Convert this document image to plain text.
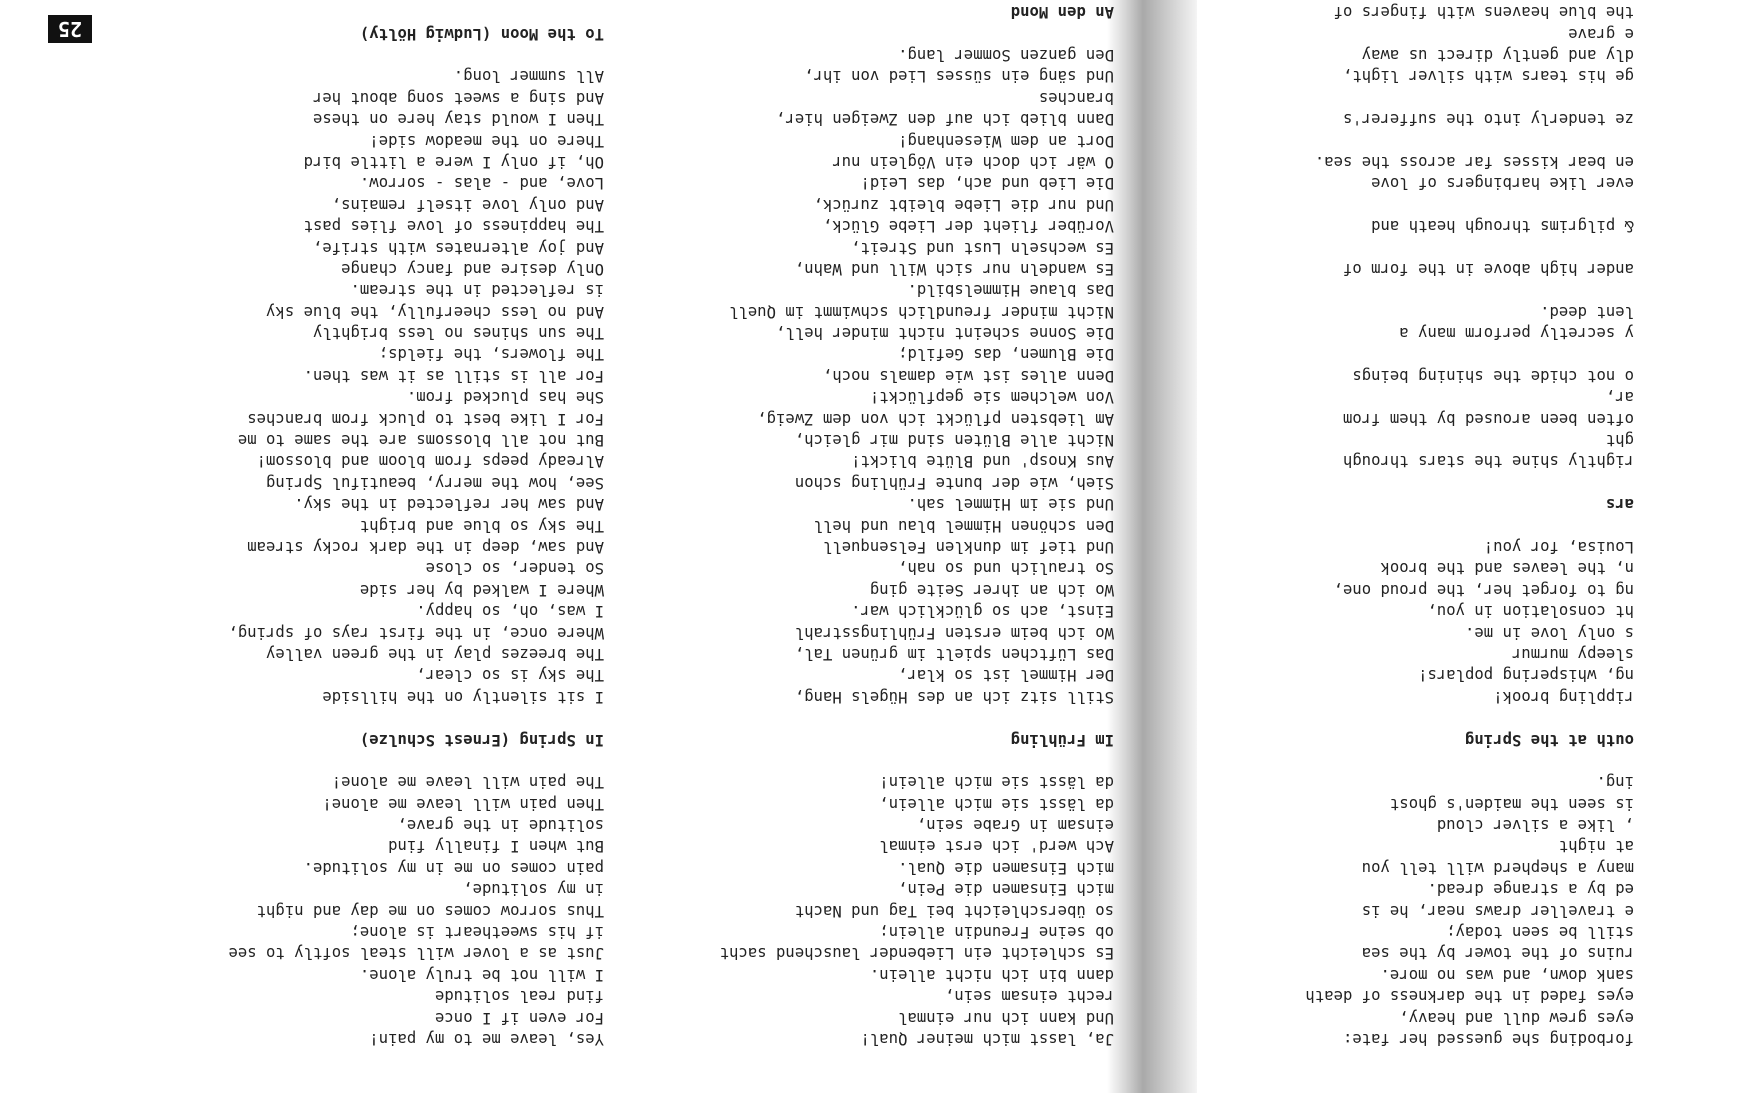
forboding she guessed her fate:
eyes grew dull and heavy,
eyes faded in the darkness of death
sank down, and was no more.
ruins of the tower by the sea
still be seen today;
e traveller draws near, he is
ed by a strange dread.
many a shepherd will tell you
at night
, like a silver cloud
is seen the maiden's ghost
ing.
outh at the Spring
rippling brook!
ng, whispering poplars!
sleepy murmur
s only love in me.
ht consolation in you,
ng to forget her, the proud one,
n, the leaves and the brook
Louisa, for you!
ars
rightly shine the stars through
ght
often been aroused by them from
ar,
o not chide the shining beings
y secretly perform many a
lent deed.
ander high above in the form of
& pilgrims through heath and
ever like harbingers of love
en bear kisses far across the sea.
ze tenderly into the sufferer's
ge his tears with silver light,
dly and gently direct us away
e grave
the blue heavens with fingers of
Ja, lasst mich meiner Qual!
Und kann ich nur einmal
recht einsam sein,
dann bin ich nicht allein.
Es schleicht ein Liebender lauschend sacht
ob seine Freundin allein;
so überschleicht bei Tag und Nacht
mich Einsamen die Pein,
mich Einsamen die Qual.
Ach werd' ich erst einmal
einsam in Grabe sein,
da lässt sie mich allein,
da lässt sie mich allein!
Im Frühling
Still sitz ich an des Hügels Hang,
Der Himmel ist so klar,
Das Lüftchen spielt im grünen Tal,
Wo ich beim ersten Frühlingsstrahl
Einst, ach so glücklich war.
Wo ich an ihrer Seite ging
So traulich und so nah,
Und tief im dunklen Felsenquell
Den schönen Himmel blau und hell
Und sie im Himmel sah.
Sieh, wie der bunte Frühling schon
Aus Knosp' und Blüte blickt!
Nicht alle Blüten sind mir gleich,
Am liebsten pflückt ich von dem Zweig,
Von welchem sie gepflückt!
Denn alles ist wie damals noch,
Die Blumen, das Gefild;
Die Sonne scheint nicht minder hell,
Nicht minder freundlich schwimmt im Quell
Das blaue Himmelsbild.
Es wandeln nur sich Will und Wahn,
Es wechseln Lust und Streit,
Vorüber flieht der Liebe Glück,
Und nur die Liebe bleibt zurück,
Die Lieb und ach, das Leid!
O wär ich doch ein Vöglein nur
Dort an dem Wiesenhang!
Dann blieb ich auf den Zweigen hier,
branches
Und säng ein süsses Lied von ihr,
Den ganzen Sommer lang.
An den Mond
Yes, leave me to my pain!
For even if I once
find real solitude
I will not be truly alone.
Just as a lover will steal softly to see
if his sweetheart is alone;
Thus sorrow comes on me day and night
in my solitude,
pain comes on me in my solitude.
But when I finally find
solitude in the grave,
Then pain will leave me alone!
The pain will leave me alone!
In Spring (Ernest Schulze)
I sit silently on the hillside
The sky is so clear,
The breezes play in the green valley
Where once, in the first rays of spring,
I was, oh, so happy.
Where I walked by her side
So tender, so close
And saw, deep in the dark rocky stream
The sky so blue and bright
And saw her reflected in the sky.
See, how the merry, beautiful Spring
Already peeps from bloom and blossom!
But not all blossoms are the same to me
For I like best to pluck from branches
She has plucked from.
For all is still as it was then.
The flowers, the fields;
The sun shines no less brightly
And no less cheerfully, the blue sky
is reflected in the stream.
Only desire and fancy change
And joy alternates with strife,
The happiness of love flies past
And only love itself remains,
Love, and - alas - sorrow.
Oh, if only I were a little bird
There on the meadow side!
Then I would stay here on these
And sing a sweet song about her
All summer long.
To the Moon (Ludwig Hölty)
25
